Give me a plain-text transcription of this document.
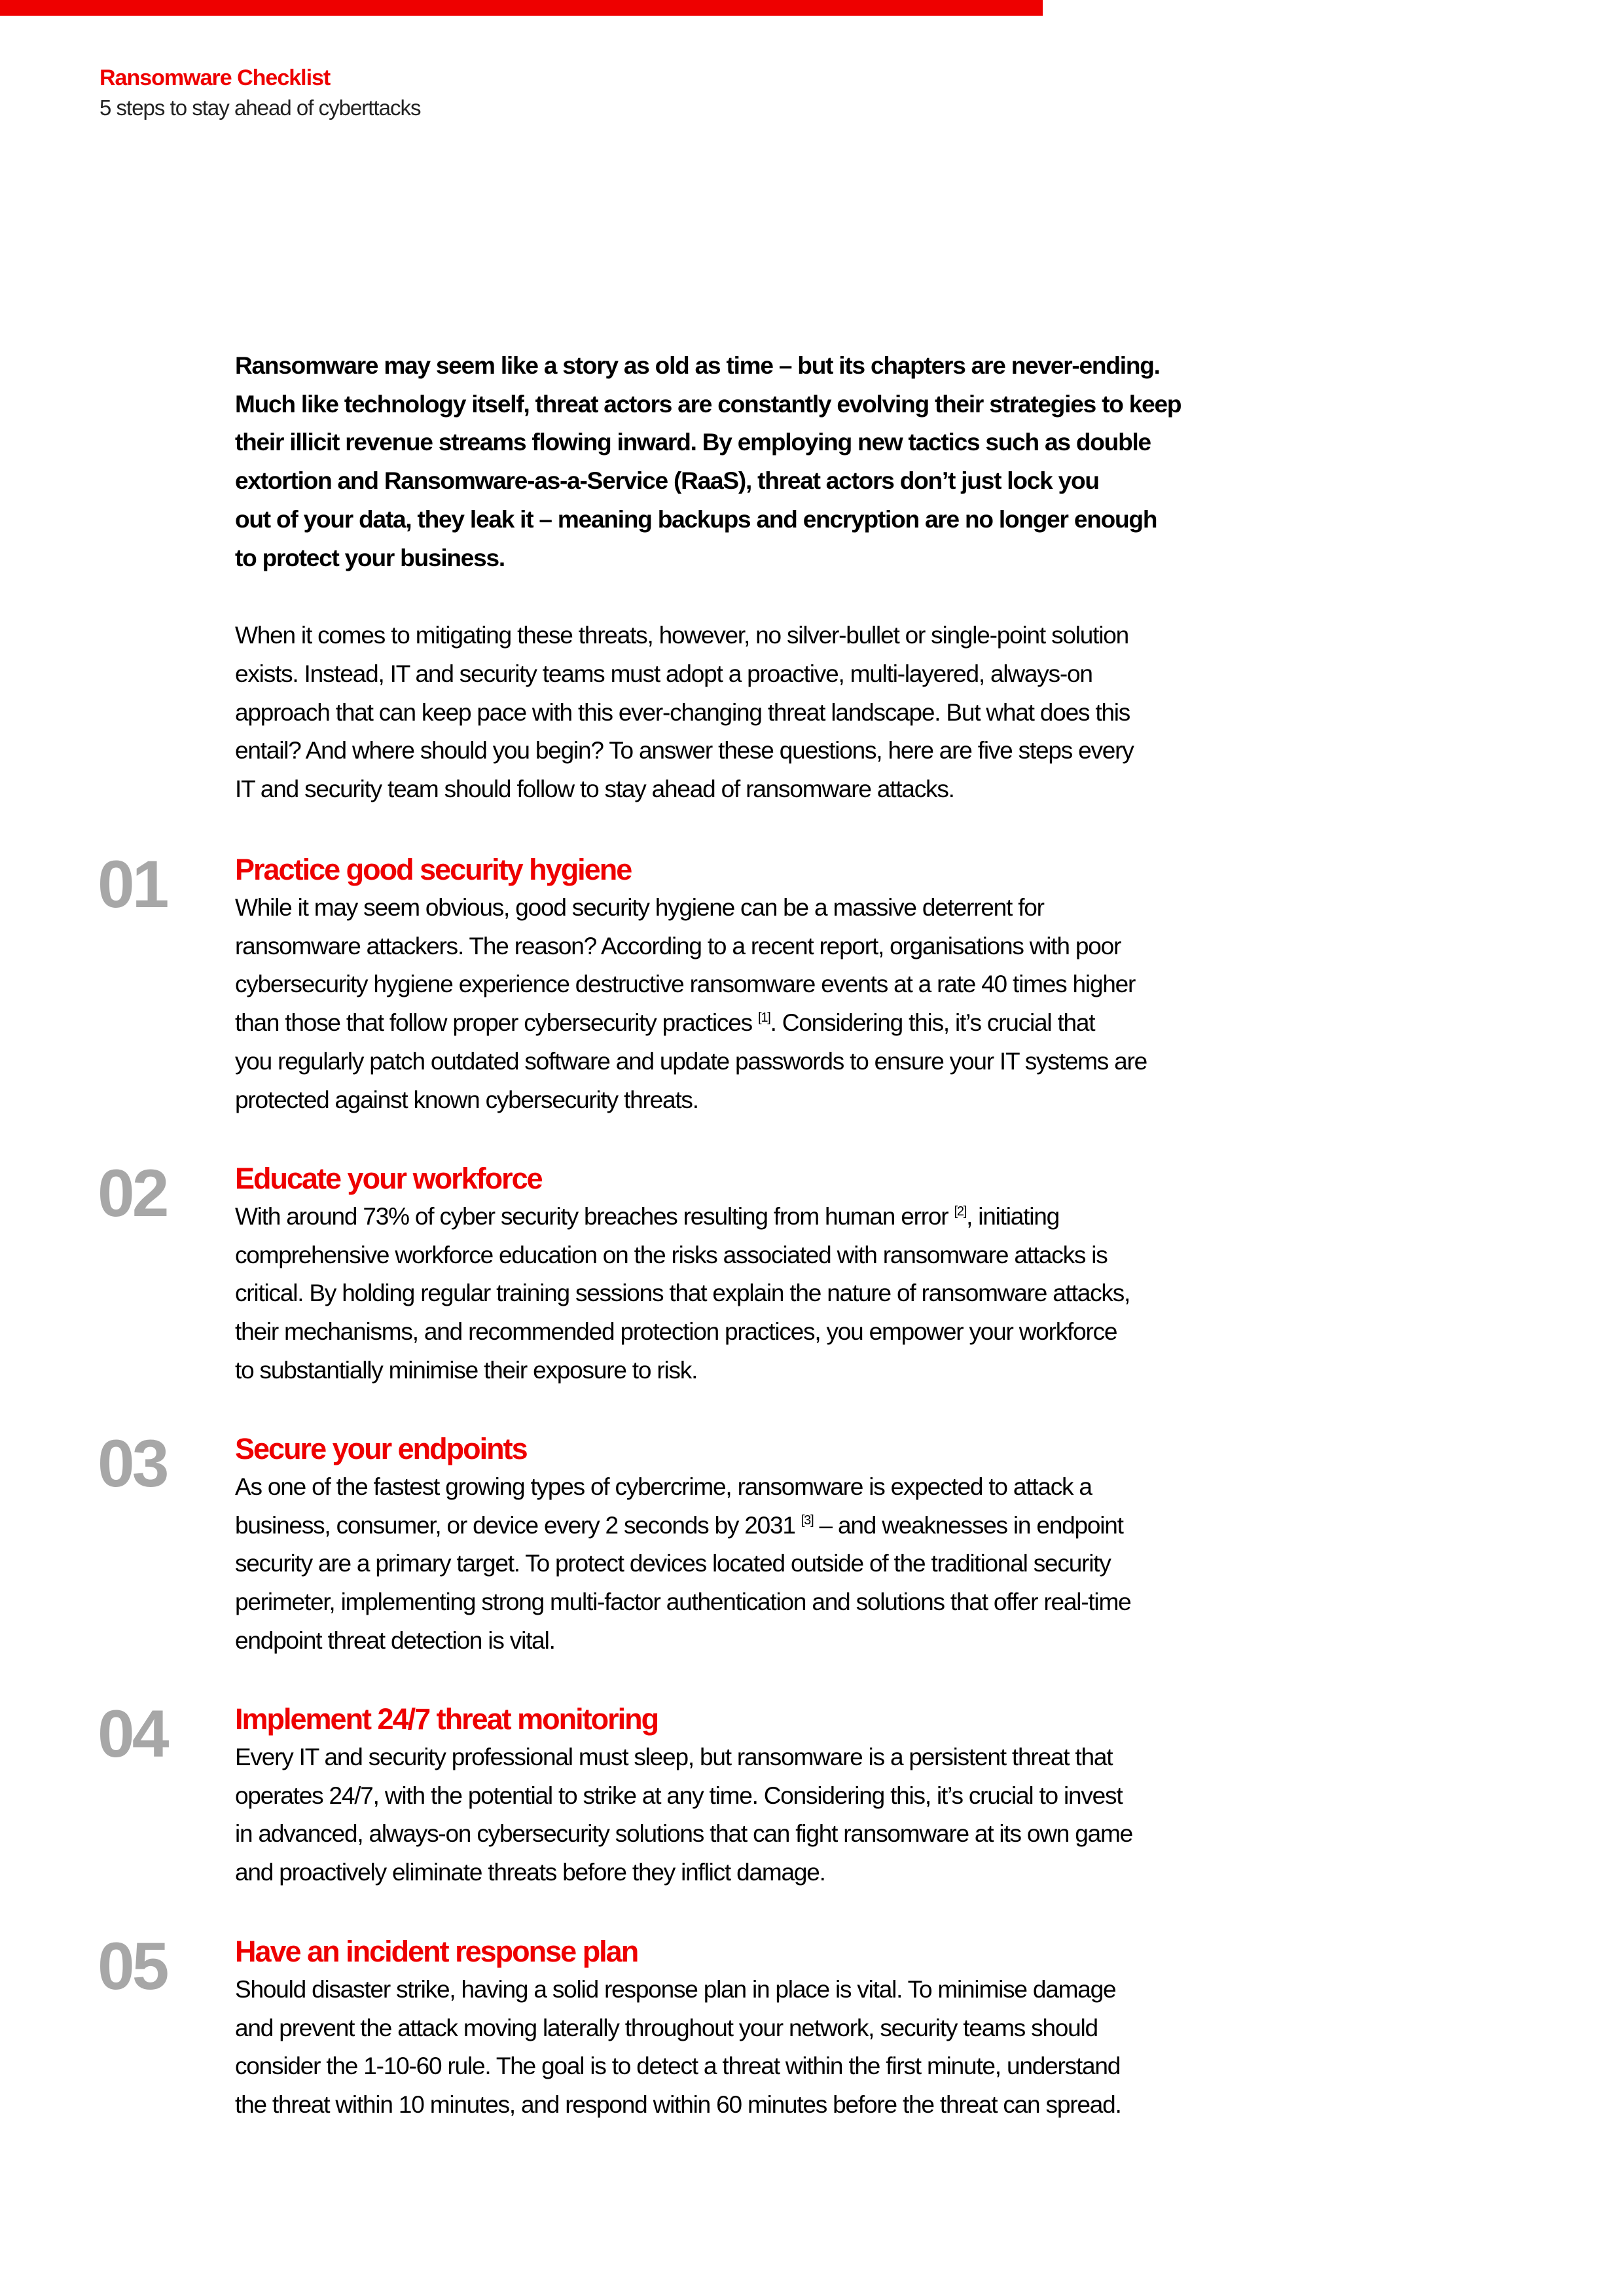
Ransomware Checklist
5 steps to stay ahead of cyberttacks
Ransomware may seem like a story as old as time – but its chapters are never-ending.
Much like technology itself, threat actors are constantly evolving their strategies to keep
their illicit revenue streams flowing inward. By employing new tactics such as double
extortion and Ransomware-as-a-Service (RaaS), threat actors don’t just lock you
out of your data, they leak it – meaning backups and encryption are no longer enough
to protect your business.
When it comes to mitigating these threats, however, no silver-bullet or single-point solution
exists. Instead, IT and security teams must adopt a proactive, multi-layered, always-on
approach that can keep pace with this ever-changing threat landscape. But what does this
entail? And where should you begin? To answer these questions, here are five steps every
IT and security team should follow to stay ahead of ransomware attacks.
01 Practice good security hygiene
While it may seem obvious, good security hygiene can be a massive deterrent for
ransomware attackers. The reason? According to a recent report, organisations with poor
cybersecurity hygiene experience destructive ransomware events at a rate 40 times higher
than those that follow proper cybersecurity practices [1]. Considering this, it’s crucial that
you regularly patch outdated software and update passwords to ensure your IT systems are
protected against known cybersecurity threats.
02 Educate your workforce
With around 73% of cyber security breaches resulting from human error [2], initiating
comprehensive workforce education on the risks associated with ransomware attacks is
critical. By holding regular training sessions that explain the nature of ransomware attacks,
their mechanisms, and recommended protection practices, you empower your workforce
to substantially minimise their exposure to risk.
03 Secure your endpoints
As one of the fastest growing types of cybercrime, ransomware is expected to attack a
business, consumer, or device every 2 seconds by 2031 [3] – and weaknesses in endpoint
security are a primary target. To protect devices located outside of the traditional security
perimeter, implementing strong multi-factor authentication and solutions that offer real-time
endpoint threat detection is vital.
04 Implement 24/7 threat monitoring
Every IT and security professional must sleep, but ransomware is a persistent threat that
operates 24/7, with the potential to strike at any time. Considering this, it’s crucial to invest
in advanced, always-on cybersecurity solutions that can fight ransomware at its own game
and proactively eliminate threats before they inflict damage.
05 Have an incident response plan
Should disaster strike, having a solid response plan in place is vital. To minimise damage
and prevent the attack moving laterally throughout your network, security teams should
consider the 1-10-60 rule. The goal is to detect a threat within the first minute, understand
the threat within 10 minutes, and respond within 60 minutes before the threat can spread.
